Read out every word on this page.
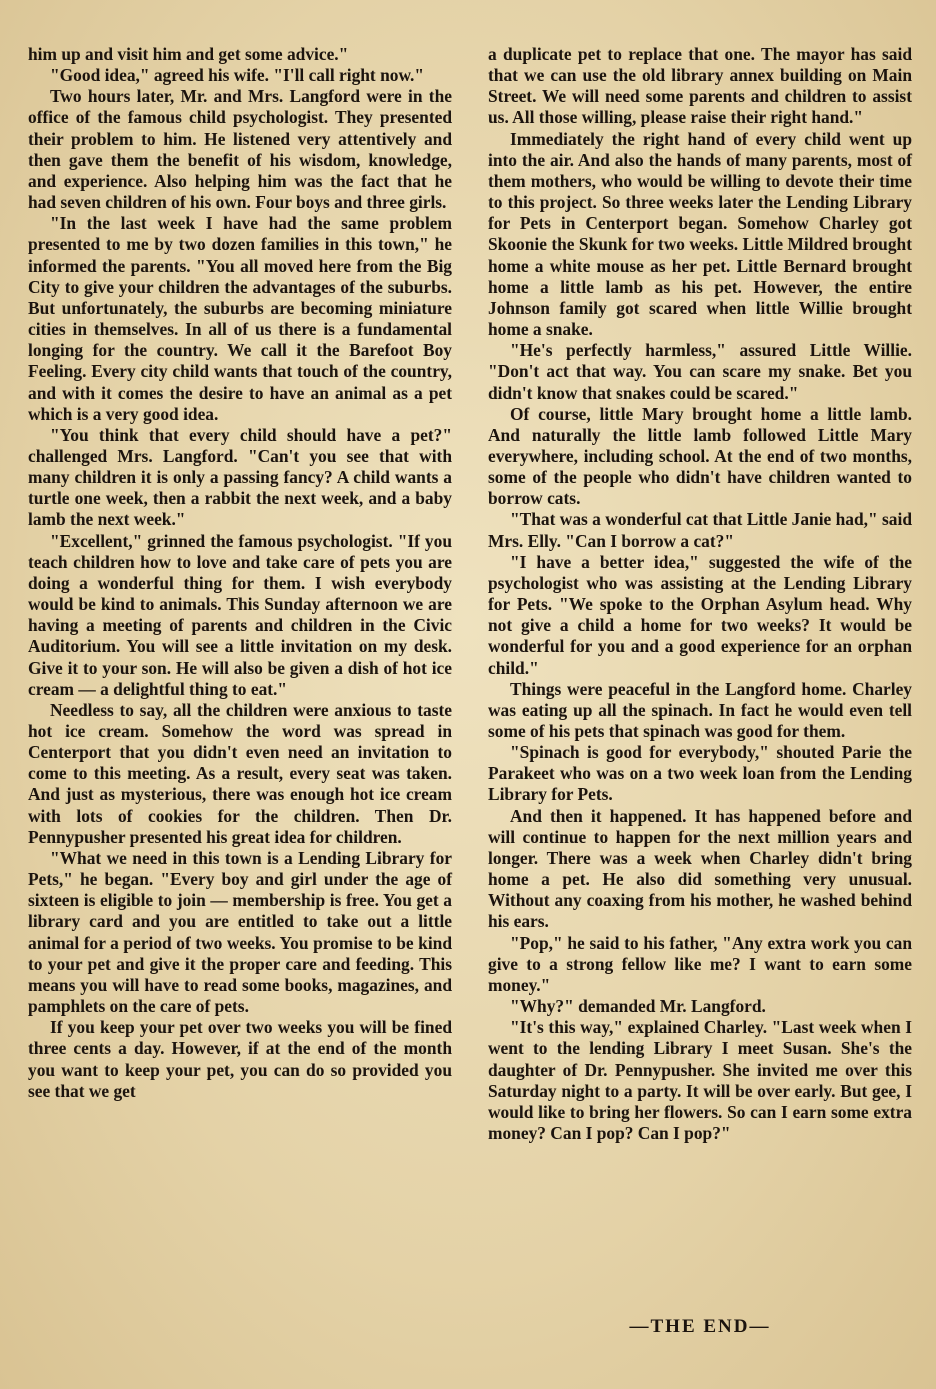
him up and visit him and get some advice."

"Good idea," agreed his wife. "I'll call right now."

Two hours later, Mr. and Mrs. Langford were in the office of the famous child psychologist. They presented their problem to him. He listened very attentively and then gave them the benefit of his wisdom, knowledge, and experience. Also helping him was the fact that he had seven children of his own. Four boys and three girls.

"In the last week I have had the same problem presented to me by two dozen families in this town," he informed the parents. "You all moved here from the Big City to give your children the advantages of the suburbs. But unfortunately, the suburbs are becoming miniature cities in themselves. In all of us there is a fundamental longing for the country. We call it the Barefoot Boy Feeling. Every city child wants that touch of the country, and with it comes the desire to have an animal as a pet which is a very good idea.

"You think that every child should have a pet?" challenged Mrs. Langford. "Can't you see that with many children it is only a passing fancy? A child wants a turtle one week, then a rabbit the next week, and a baby lamb the next week."

"Excellent," grinned the famous psychologist. "If you teach children how to love and take care of pets you are doing a wonderful thing for them. I wish everybody would be kind to animals. This Sunday afternoon we are having a meeting of parents and children in the Civic Auditorium. You will see a little invitation on my desk. Give it to your son. He will also be given a dish of hot ice cream — a delightful thing to eat."

Needless to say, all the children were anxious to taste hot ice cream. Somehow the word was spread in Centerport that you didn't even need an invitation to come to this meeting. As a result, every seat was taken. And just as mysterious, there was enough hot ice cream with lots of cookies for the children. Then Dr. Pennypusher presented his great idea for children.

"What we need in this town is a Lending Library for Pets," he began. "Every boy and girl under the age of sixteen is eligible to join — membership is free. You get a library card and you are entitled to take out a little animal for a period of two weeks. You promise to be kind to your pet and give it the proper care and feeding. This means you will have to read some books, magazines, and pamphlets on the care of pets.

If you keep your pet over two weeks you will be fined three cents a day. However, if at the end of the month you want to keep your pet, you can do so provided you see that we get

a duplicate pet to replace that one. The mayor has said that we can use the old library annex building on Main Street. We will need some parents and children to assist us. All those willing, please raise their right hand."

Immediately the right hand of every child went up into the air. And also the hands of many parents, most of them mothers, who would be willing to devote their time to this project. So three weeks later the Lending Library for Pets in Centerport began. Somehow Charley got Skoonie the Skunk for two weeks. Little Mildred brought home a white mouse as her pet. Little Bernard brought home a little lamb as his pet. However, the entire Johnson family got scared when little Willie brought home a snake.

"He's perfectly harmless," assured Little Willie. "Don't act that way. You can scare my snake. Bet you didn't know that snakes could be scared."

Of course, little Mary brought home a little lamb. And naturally the little lamb followed Little Mary everywhere, including school. At the end of two months, some of the people who didn't have children wanted to borrow cats.

"That was a wonderful cat that Little Janie had," said Mrs. Elly. "Can I borrow a cat?"

"I have a better idea," suggested the wife of the psychologist who was assisting at the Lending Library for Pets. "We spoke to the Orphan Asylum head. Why not give a child a home for two weeks? It would be wonderful for you and a good experience for an orphan child."

Things were peaceful in the Langford home. Charley was eating up all the spinach. In fact he would even tell some of his pets that spinach was good for them.

"Spinach is good for everybody," shouted Parie the Parakeet who was on a two week loan from the Lending Library for Pets.

And then it happened. It has happened before and will continue to happen for the next million years and longer. There was a week when Charley didn't bring home a pet. He also did something very unusual. Without any coaxing from his mother, he washed behind his ears.

"Pop," he said to his father, "Any extra work you can give to a strong fellow like me? I want to earn some money."

"Why?" demanded Mr. Langford.

"It's this way," explained Charley. "Last week when I went to the lending Library I meet Susan. She's the daughter of Dr. Pennypusher. She invited me over this Saturday night to a party. It will be over early. But gee, I would like to bring her flowers. So can I earn some extra money? Can I pop? Can I pop?"

—THE END—
